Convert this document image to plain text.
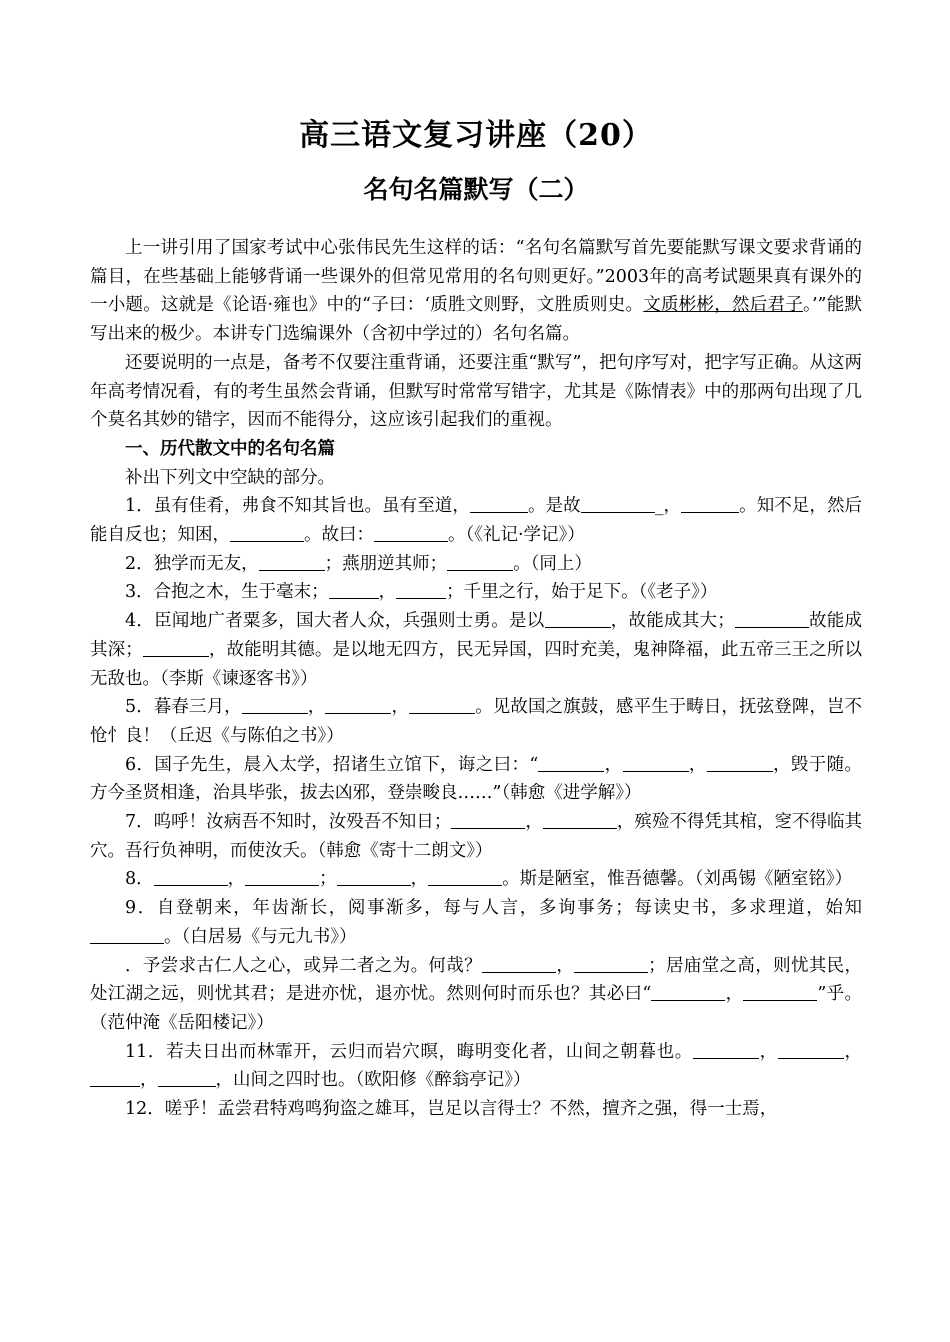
高三语文复习讲座（20）
名句名篇默写（二）

上一讲引用了国家考试中心张伟民先生这样的话：“名句名篇默写首先要能默写课文要求背诵的篇目，在些基础上能够背诵一些课外的但常见常用的名句则更好。”2003年的高考试题果真有课外的一小题。这就是《论语·雍也》中的“子曰：‘质胜文则野，文胜质则史。文质彬彬，然后君子。’”能默写出来的极少。本讲专门选编课外（含初中学过的）名句名篇。

还要说明的一点是，备考不仅要注重背诵，还要注重“默写”，把句序写对，把字写正确。从这两年高考情况看，有的考生虽然会背诵，但默写时常常写错字，尤其是《陈情表》中的那两句出现了几个莫名其妙的错字，因而不能得分，这应该引起我们的重视。

一、历代散文中的名句名篇

补出下列文中空缺的部分。

1．虽有佳肴，弗食不知其旨也。虽有至道，	。是故	_，	。知不足，然后能自反也；知困，	。故曰：	。（《礼记·学记》）

2．独学而无友，	；燕朋逆其师；	。（同上）

3．合抱之木，生于毫末；	，	；千里之行，始于足下。（《老子》）

4．臣闻地广者粟多，国大者人众，兵强则士勇。是以	，故能成其大；	故能成其深；	，故能明其德。是以地无四方，民无异国，四时充美，鬼神降福，此五帝三王之所以无敌也。（李斯《谏逐客书》）

5．暮春三月，	，	，	。见故国之旗鼓，感平生于畴日，抚弦登陴，岂不怆忄良！（丘迟《与陈伯之书》）

6．国子先生，晨入太学，招诸生立馆下，诲之曰：“	，	，	，毁于随。方今圣贤相逢，治具毕张，拔去凶邪，登崇畯良……”（韩愈《进学解》）

7．呜呼！汝病吾不知时，汝殁吾不知日；	，	，殡殓不得凭其棺，窆不得临其穴。吾行负神明，而使汝夭。（韩愈《寄十二朗文》）

8．	，	；	，	。斯是陋室，惟吾德馨。（刘禹锡《陋室铭》）

9．自登朝来，年齿渐长，阅事渐多，每与人言，多询事务；每读史书，多求理道，始知。（白居易《与元九书》）

．予尝求古仁人之心，或异二者之为。何哉？	，	；居庙堂之高，则忧其民，处江湖之远，则忧其君；是进亦忧，退亦忧。然则何时而乐也？其必曰“	，	”乎。（范仲淹《岳阳楼记》）

11．若夫日出而林霏开，云归而岩穴暝，晦明变化者，山间之朝暮也。	，	，，	，山间之四时也。（欧阳修《醉翁亭记》）

12．嗟乎！孟尝君特鸡鸣狗盗之雄耳，岂足以言得士？不然，擅齐之强，得一士焉，
